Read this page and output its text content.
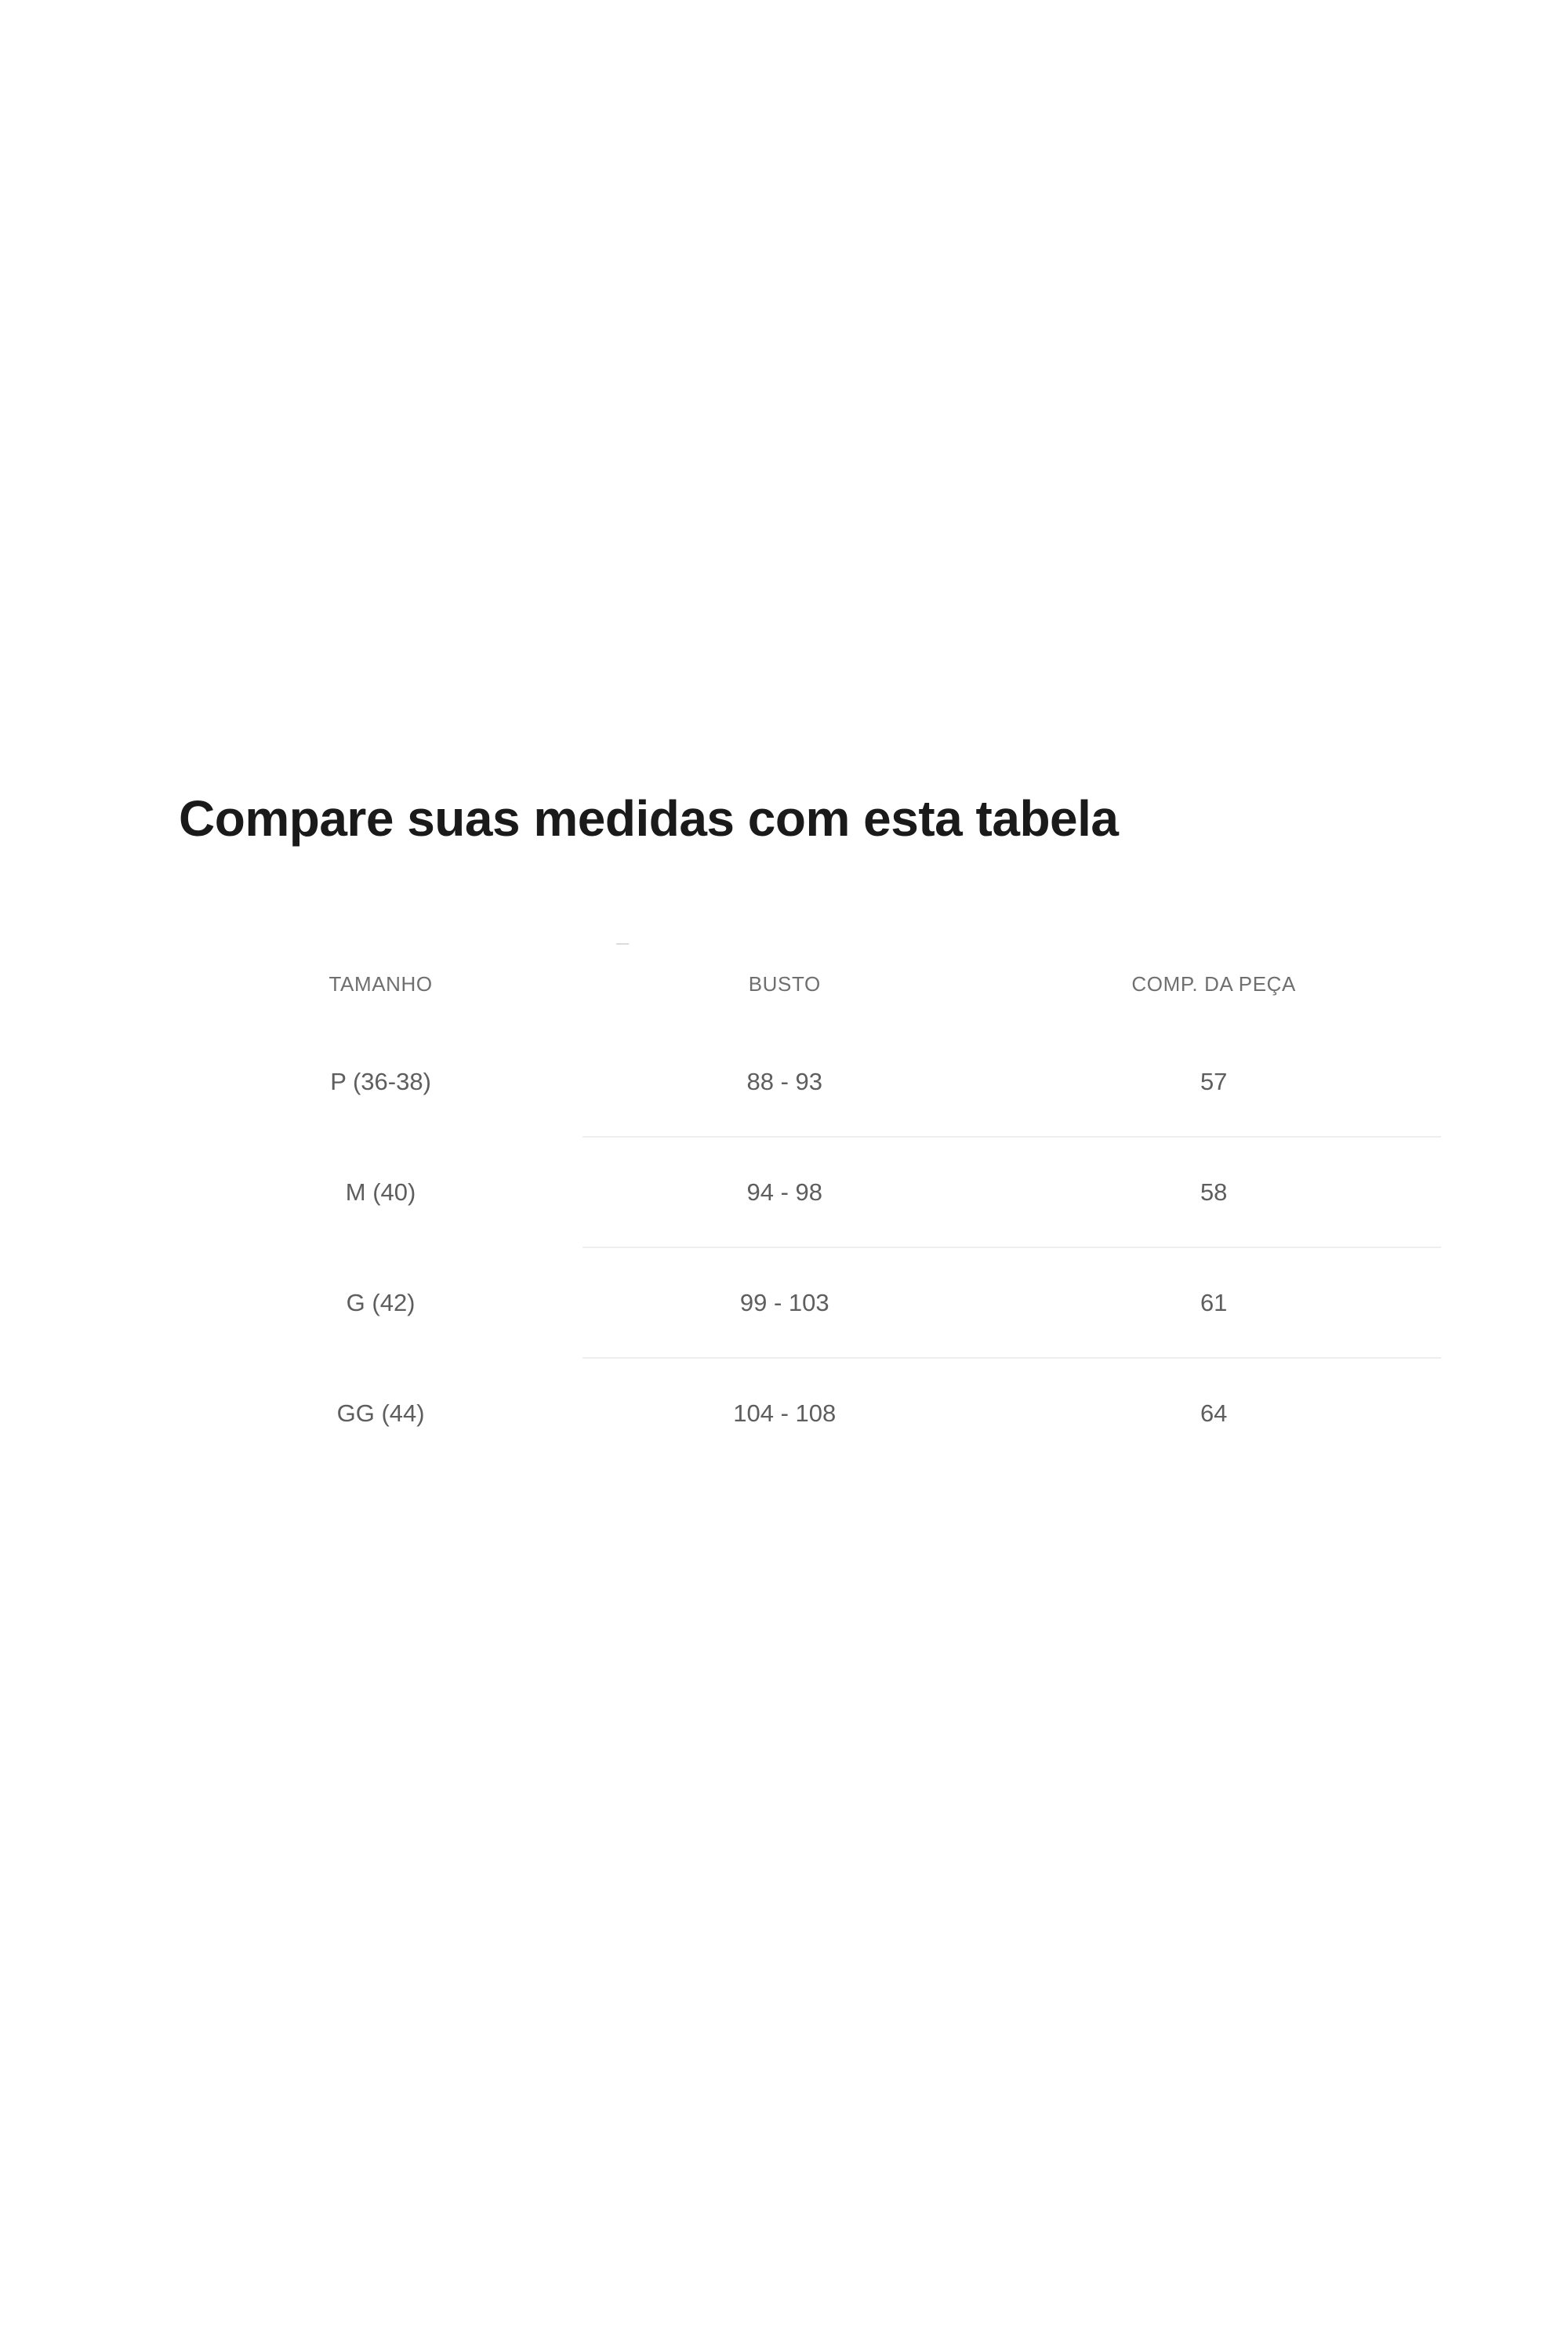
Compare suas medidas com esta tabela
TAMANHO	BUSTO	COMP. DA PEÇA
P (36-38)	88 - 93	57
M (40)	94 - 98	58
G (42)	99 - 103	61
GG (44)	104 - 108	64
